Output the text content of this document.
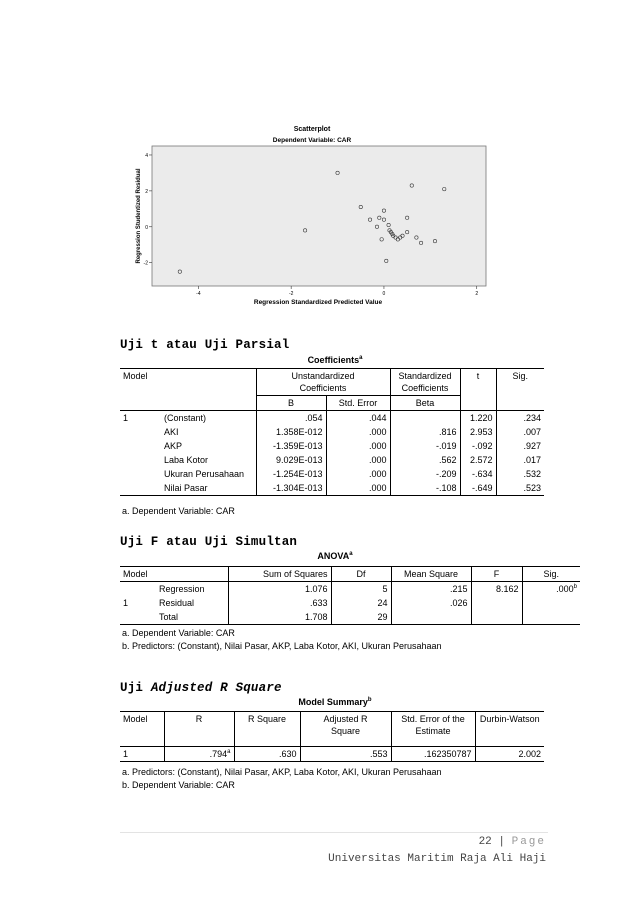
Scatterplot
Dependent Variable: CAR
4
2
0
-2
-4	-2	0	2
Regression Studentized Residual
Regression Standardized Predicted Value
Uji t atau Uji Parsial
Coefficients$^a$
Model		Unstandardized Coefficients		Standardized Coefficients	t	Sig.
		B	Std. Error	Beta		
1	(Constant)	.054	.044		1.220	.234
	AKI	1.358E-012	.000	.816	2.953	.007
	AKP	-1.359E-013	.000	-.019	-.092	.927
	Laba Kotor	9.029E-013	.000	.562	2.572	.017
	Ukuran Perusahaan	-1.254E-013	.000	-.209	-.634	.532
	Nilai Pasar	-1.304E-013	.000	-.108	-.649	.523
a. Dependent Variable: CAR
Uji F atau Uji Simultan
ANOVA$^a$
Model		Sum of Squares	Df	Mean Square	F	Sig.
1	Regression	1.076	5	.215	8.162	.000$^b$
	Residual	.633	24	.026		
	Total	1.708	29			
a. Dependent Variable: CAR
b. Predictors: (Constant), Nilai Pasar, AKP, Laba Kotor, AKI, Ukuran Perusahaan
Uji Adjusted R Square
Model Summary$^b$
Model	R	R Square	Adjusted R Square	Std. Error of the Estimate	Durbin-Watson
1	.794$^a$	.630	.553	.162350787	2.002
a. Predictors: (Constant), Nilai Pasar, AKP, Laba Kotor, AKI, Ukuran Perusahaan
b. Dependent Variable: CAR
22 | Page
Universitas Maritim Raja Ali Haji
